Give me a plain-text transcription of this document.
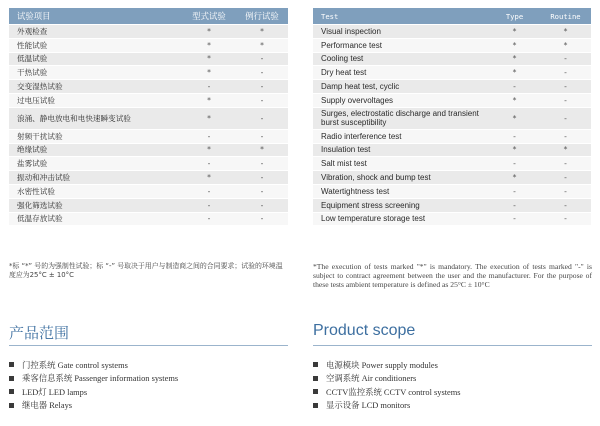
试验项目	型式试验	例行试验
外观检查	*	*
性能试验	*	*
低温试验	*	-
干热试验	*	-
交变湿热试验	-	-
过电压试验	*	-
浪涌、静电放电和电快速瞬变试验	*	-
射频干扰试验	-	-
绝缘试验	*	*
盐雾试验	-	-
振动和冲击试验	*	-
水密性试验	-	-
强化筛选试验	-	-
低温存放试验	-	-
Test	Type	Routine
Visual inspection	*	*
Performance test	*	*
Cooling test	*	-
Dry heat test	*	-
Damp heat test, cyclic	-	-
Supply overvoltages	*	-
Surges, electrostatic discharge and transient burst susceptibility	*	-
Radio interference test	-	-
Insulation test	*	*
Salt mist test	-	-
Vibration, shock and bump test	*	-
Watertightness test	-	-
Equipment stress screening	-	-
Low temperature storage test	-	-
*标 “*” 号的为强制性试验；标 “-” 号取决于用户与制造商之间的合同要求；试验的环境温度应为25°C ± 10°C
*The execution of tests marked "*" is mandatory. The execution of tests marked "-" is subject to contract agreement between the user and the manufacturer. For the purpose of these tests ambient temperature is defined as 25°C ± 10°C
产品范围	Product scope
门控系统 Gate control systems
乘客信息系统 Passenger information systems
LED灯 LED lamps
继电器 Relays
电源模块 Power supply modules
空调系统 Air conditioners
CCTV监控系统 CCTV control systems
显示设备 LCD monitors
